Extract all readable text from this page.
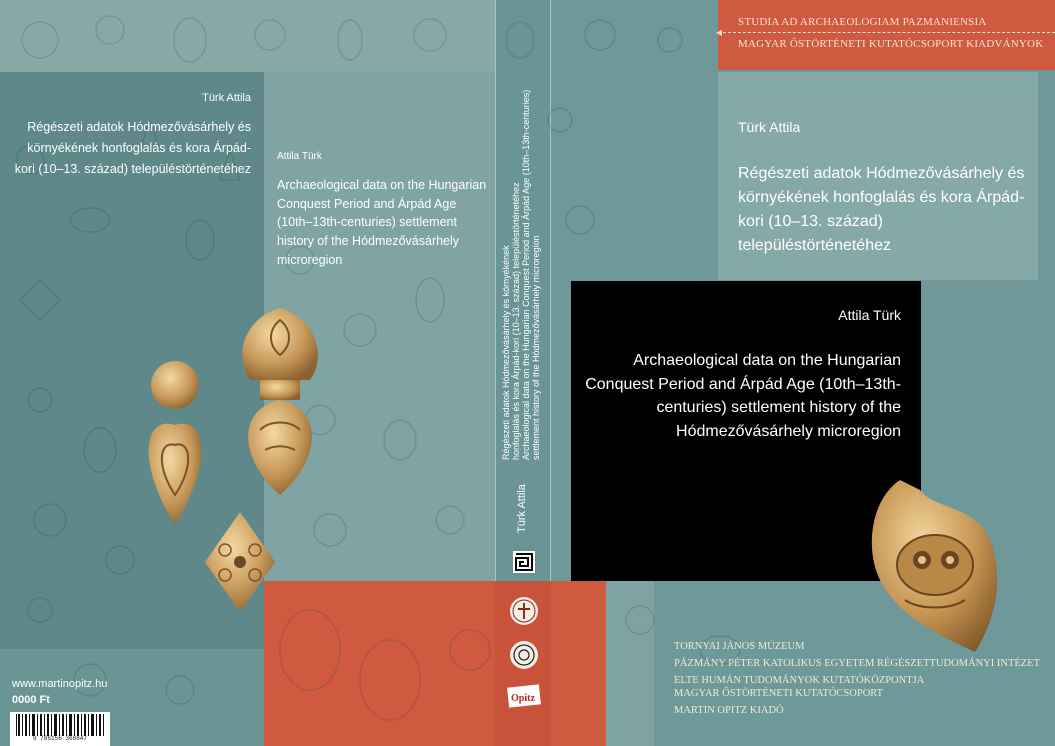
STUDIA AD ARCHAEOLOGIAM PAZMANIENSIA
◂
MAGYAR ŐSTÖRTÉNETI KUTATÓCSOPORT KIADVÁNYOK
Türk Attila
Régészeti adatok Hódmezővásárhely és környékének honfoglalás és kora Árpád-kori (10–13. század) településtörténetéhez
Attila Türk
Archaeological data on the Hungarian Conquest Period and Árpád Age (10th–13th-centuries) settlement history of the Hódmezővásárhely microregion
Türk Attila
Régészeti adatok Hódmezővásárhely és környékének honfoglalás és kora Árpád-kori (10–13. század) településtörténetéhez
Attila Türk
Archaeological data on the Hungarian Conquest Period and Árpád Age (10th–13th-centuries) settlement history of the Hódmezővásárhely microregion
www.martinopitz.hu
0000 Ft
9 786156 368847
Régészeti adatok Hódmezővásárhely és környékének honfoglalás és kora Árpád-kori (10–13. század) településtörténetéhez Archaeological data on the Hungarian Conquest Period and Árpád Age (10th–13th-centuries) settlement history of the Hódmezővásárhely microregion
Türk Attila
Opitz

TORNYAI JÁNOS MÚZEUM

PÁZMÁNY PÉTER KATOLIKUS EGYETEM RÉGÉSZETTUDOMÁNYI INTÉZET

ELTE HUMÁN TUDOMÁNYOK KUTATÓKÖZPONTJA

MAGYAR ŐSTÖRTÉNETI KUTATÓCSOPORT

MARTIN OPITZ KIADÓ
